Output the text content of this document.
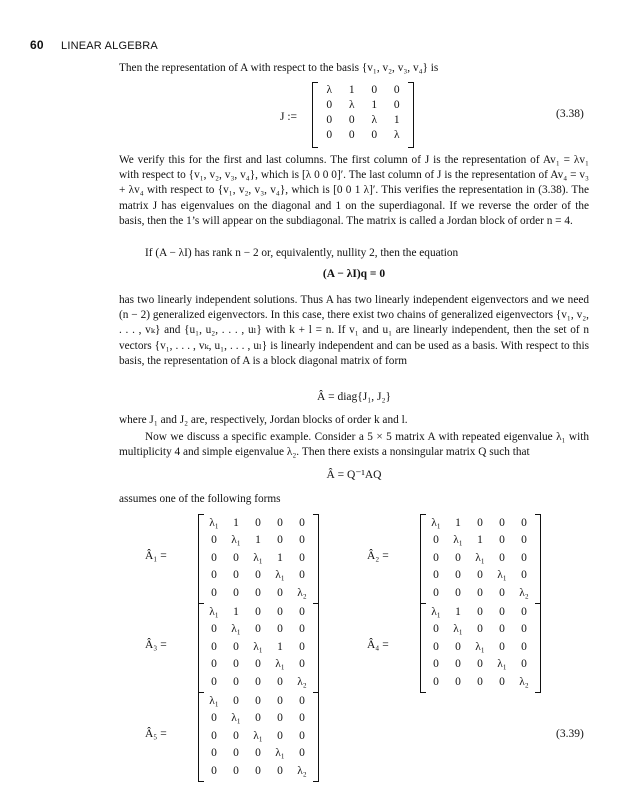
60 LINEAR ALGEBRA
Then the representation of A with respect to the basis {v₁, v₂, v₃, v₄} is
J :=
λ	1	0	0
0	λ	1	0
0	0	λ	1
0	0	0	λ
(3.38)
We verify this for the first and last columns. The first column of J is the representation of Av₁ = λv₁ with respect to {v₁, v₂, v₃, v₄}, which is [λ 0 0 0]′. The last column of J is the representation of Av₄ = v₃ + λv₄ with respect to {v₁, v₂, v₃, v₄}, which is [0 0 1 λ]′. This verifies the representation in (3.38). The matrix J has eigenvalues on the diagonal and 1 on the superdiagonal. If we reverse the order of the basis, then the 1’s will appear on the subdiagonal. The matrix is called a Jordan block of order n = 4.
If (A − λI) has rank n − 2 or, equivalently, nullity 2, then the equation
(A − λI)q = 0
has two linearly independent solutions. Thus A has two linearly independent eigenvectors and we need (n − 2) generalized eigenvectors. In this case, there exist two chains of generalized eigenvectors {v₁, v₂, . . . , vₖ} and {u₁, u₂, . . . , uₗ} with k + l = n. If v₁ and u₁ are linearly independent, then the set of n vectors {v₁, . . . , vₖ, u₁, . . . , uₗ} is linearly independent and can be used as a basis. With respect to this basis, the representation of A is a block diagonal matrix of form
Â = diag{J₁, J₂}
where J₁ and J₂ are, respectively, Jordan blocks of order k and l.
Now we discuss a specific example. Consider a 5 × 5 matrix A with repeated eigenvalue λ₁ with multiplicity 4 and simple eigenvalue λ₂. Then there exists a nonsingular matrix Q such that
Â = Q⁻¹AQ
assumes one of the following forms
Â₁ =
λ₁	1	0	0	0
0	λ₁	1	0	0
0	0	λ₁	1	0
0	0	0	λ₁	0
0	0	0	0	λ₂
Â₂ =
λ₁	1	0	0	0
0	λ₁	1	0	0
0	0	λ₁	0	0
0	0	0	λ₁	0
0	0	0	0	λ₂
Â₃ =
λ₁	1	0	0	0
0	λ₁	0	0	0
0	0	λ₁	1	0
0	0	0	λ₁	0
0	0	0	0	λ₂
Â₄ =
λ₁	1	0	0	0
0	λ₁	0	0	0
0	0	λ₁	0	0
0	0	0	λ₁	0
0	0	0	0	λ₂
Â₅ =
λ₁	0	0	0	0
0	λ₁	0	0	0
0	0	λ₁	0	0
0	0	0	λ₁	0
0	0	0	0	λ₂
(3.39)
